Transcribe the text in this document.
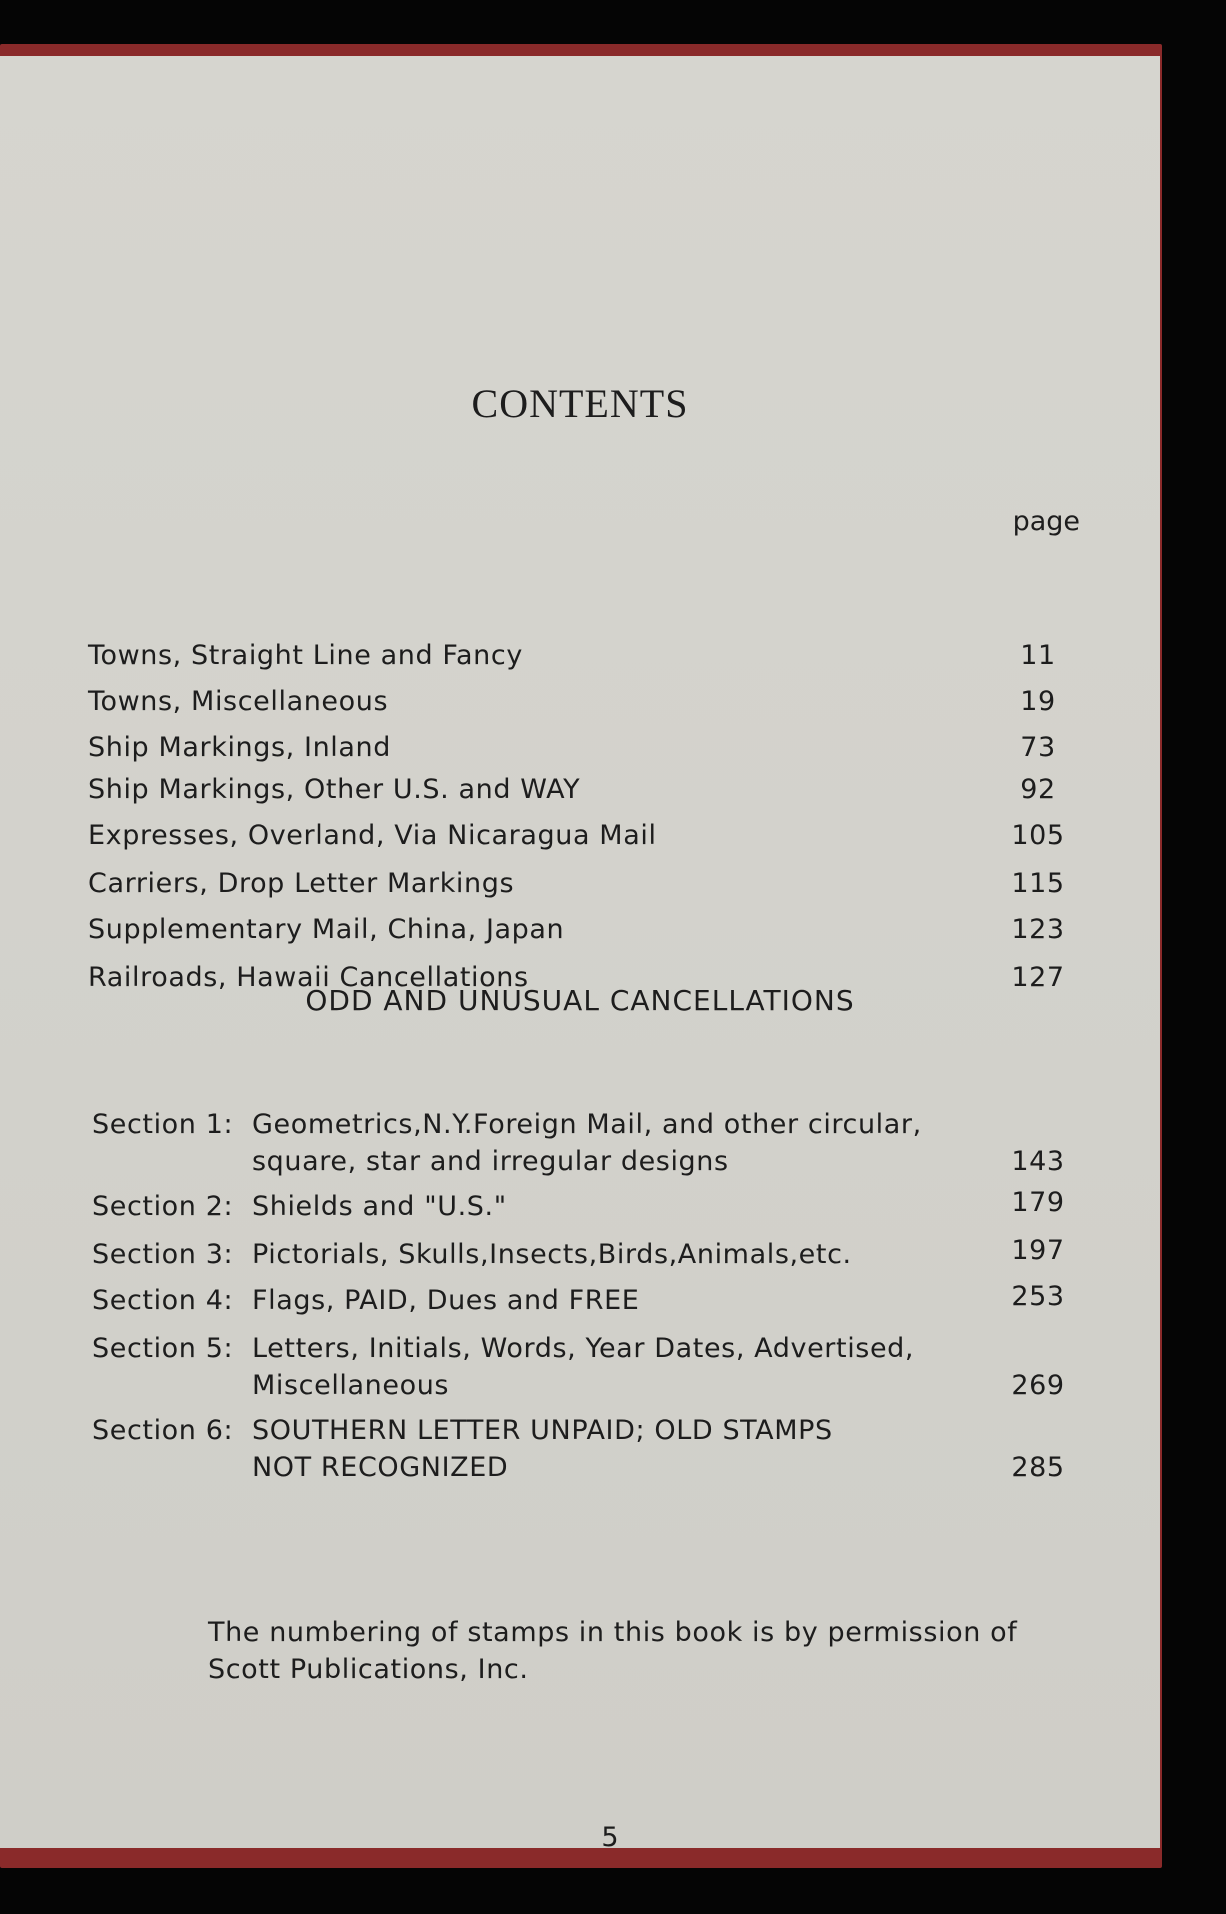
CONTENTS
page
Towns, Straight Line and Fancy	11
Towns, Miscellaneous	19
Ship Markings, Inland	73
Ship Markings, Other U.S. and WAY	92
Expresses, Overland, Via Nicaragua Mail	105
Carriers, Drop Letter Markings	115
Supplementary Mail, China, Japan	123
Railroads, Hawaii Cancellations	127
ODD AND UNUSUAL CANCELLATIONS
Section 1: Geometrics,N.Y.Foreign Mail, and other circular,
square, star and irregular designs	143
Section 2: Shields and "U.S."	179
Section 3: Pictorials, Skulls,Insects,Birds,Animals,etc.	197
Section 4: Flags, PAID, Dues and FREE	253
Section 5: Letters, Initials, Words, Year Dates, Advertised,
Miscellaneous	269
Section 6: SOUTHERN LETTER UNPAID; OLD STAMPS
NOT RECOGNIZED	285
The numbering of stamps in this book is by permission of
Scott Publications, Inc.
5
